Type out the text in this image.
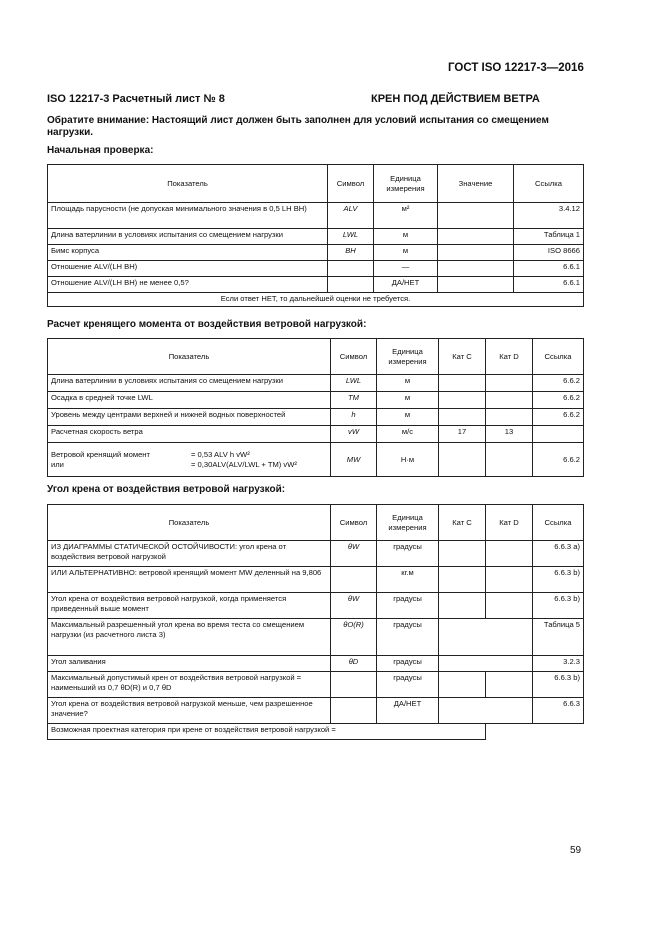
ГОСТ ISO 12217-3—2016
ISO 12217-3 Расчетный лист № 8	КРЕН ПОД ДЕЙСТВИЕМ ВЕТРА
Обратите внимание: Настоящий лист должен быть заполнен для условий испытания со смещением нагрузки.
Начальная проверка:
Показатель	Символ	Единица измерения	Значение	Ссылка
Площадь парусности (не допуская минимального значения в 0,5 LH BH)	ALV	м²		3.4.12
Длина ватерлинии в условиях испытания со смещением нагрузки	LWL	м		Таблица 1
Бимс корпуса	BH	м		ISO 8666
Отношение ALV/(LH BH)		—		6.6.1
Отношение ALV/(LH BH) не менее 0,5?		ДА/НЕТ		6.6.1
Если ответ НЕТ, то дальнейшей оценки не требуется.				
Расчет кренящего момента от воздействия ветровой нагрузкой:
Показатель	Символ	Единица измерения	Кат C	Кат D	Ссылка
Длина ватерлинии в условиях испытания со смещением нагрузки	LWL	м			6.6.2
Осадка в средней точке LWL	TM	м			6.6.2
Уровень между центрами верхней и нижней водных поверхностей	h	м			6.6.2
Расчетная скорость ветра	vW	м/с	17	13	

Ветровой кренящий момент = 0,53 ALV h vW²
или = 0,30ALV(ALV/LWL + TM) vW²	MW	Н·м			6.6.2
Угол крена от воздействия ветровой нагрузкой:
Показатель	Символ	Единица измерения	Кат C	Кат D	Ссылка
ИЗ ДИАГРАММЫ СТАТИЧЕСКОЙ ОСТОЙЧИВОСТИ: угол крена от воздействия ветровой нагрузкой	θW	градусы			6.6.3 a)
ИЛИ АЛЬТЕРНАТИВНО: ветровой кренящий момент MW деленный на 9,806		кг.м			6.6.3 b)
Угол крена от воздействия ветровой нагрузкой, когда применяется приведенный выше момент	θW	градусы			6.6.3 b)
Максимальный разрешенный угол крена во время теста со смещением нагрузки (из расчетного листа 3)	θO(R)	градусы			Таблица 5
Угол заливания	θD	градусы			3.2.3
Максимальный допустимый крен от воздействия ветровой нагрузкой = наименьший из 0,7 θD(R) и 0,7 θD		градусы			6.6.3 b)
Угол крена от воздействия ветровой нагрузкой меньше, чем разрешенное значение?		ДА/НЕТ			6.6.3
Возможная проектная категория при крене от воздействия ветровой нагрузкой =					
59
